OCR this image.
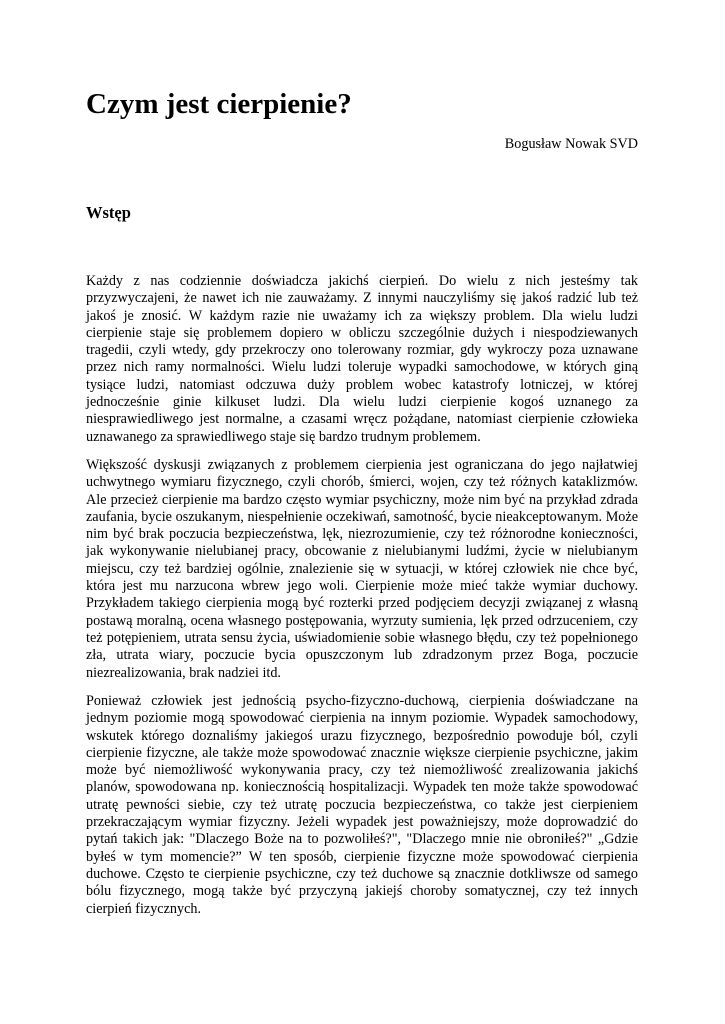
Czym jest cierpienie?

Bogusław Nowak SVD

Wstęp

Każdy z nas codziennie doświadcza jakichś cierpień. Do wielu z nich jesteśmy tak przyzwyczajeni, że nawet ich nie zauważamy. Z innymi nauczyliśmy się jakoś radzić lub też jakoś je znosić. W każdym razie nie uważamy ich za większy problem. Dla wielu ludzi cierpienie staje się problemem dopiero w obliczu szczególnie dużych i niespodziewanych tragedii, czyli wtedy, gdy przekroczy ono tolerowany rozmiar, gdy wykroczy poza uznawane przez nich ramy normalności. Wielu ludzi toleruje wypadki samochodowe, w których giną tysiące ludzi, natomiast odczuwa duży problem wobec katastrofy lotniczej, w której jednocześnie ginie kilkuset ludzi. Dla wielu ludzi cierpienie kogoś uznanego za niesprawiedliwego jest normalne, a czasami wręcz pożądane, natomiast cierpienie człowieka uznawanego za sprawiedliwego staje się bardzo trudnym problemem.

Większość dyskusji związanych z problemem cierpienia jest ograniczana do jego najłatwiej uchwytnego wymiaru fizycznego, czyli chorób, śmierci, wojen, czy też różnych kataklizmów. Ale przecież cierpienie ma bardzo często wymiar psychiczny, może nim być na przykład zdrada zaufania, bycie oszukanym, niespełnienie oczekiwań, samotność, bycie nieakceptowanym. Może nim być brak poczucia bezpieczeństwa, lęk, niezrozumienie, czy też różnorodne konieczności, jak wykonywanie nielubianej pracy, obcowanie z nielubianymi ludźmi, życie w nielubianym miejscu, czy też bardziej ogólnie, znalezienie się w sytuacji, w której człowiek nie chce być, która jest mu narzucona wbrew jego woli. Cierpienie może mieć także wymiar duchowy. Przykładem takiego cierpienia mogą być rozterki przed podjęciem decyzji związanej z własną postawą moralną, ocena własnego postępowania, wyrzuty sumienia, lęk przed odrzuceniem, czy też potępieniem, utrata sensu życia, uświadomienie sobie własnego błędu, czy też popełnionego zła, utrata wiary, poczucie bycia opuszczonym lub zdradzonym przez Boga, poczucie niezrealizowania, brak nadziei itd.

Ponieważ człowiek jest jednością psycho-fizyczno-duchową, cierpienia doświadczane na jednym poziomie mogą spowodować cierpienia na innym poziomie. Wypadek samochodowy, wskutek którego doznaliśmy jakiegoś urazu fizycznego, bezpośrednio powoduje ból, czyli cierpienie fizyczne, ale także może spowodować znacznie większe cierpienie psychiczne, jakim może być niemożliwość wykonywania pracy, czy też niemożliwość zrealizowania jakichś planów, spowodowana np. koniecznością hospitalizacji. Wypadek ten może także spowodować utratę pewności siebie, czy też utratę poczucia bezpieczeństwa, co także jest cierpieniem przekraczającym wymiar fizyczny. Jeżeli wypadek jest poważniejszy, może doprowadzić do pytań takich jak: "Dlaczego Boże na to pozwoliłeś?", "Dlaczego mnie nie obroniłeś?" „Gdzie byłeś w tym momencie?” W ten sposób, cierpienie fizyczne może spowodować cierpienia duchowe. Często te cierpienie psychiczne, czy też duchowe są znacznie dotkliwsze od samego bólu fizycznego, mogą także być przyczyną jakiejś choroby somatycznej, czy też innych cierpień fizycznych.
